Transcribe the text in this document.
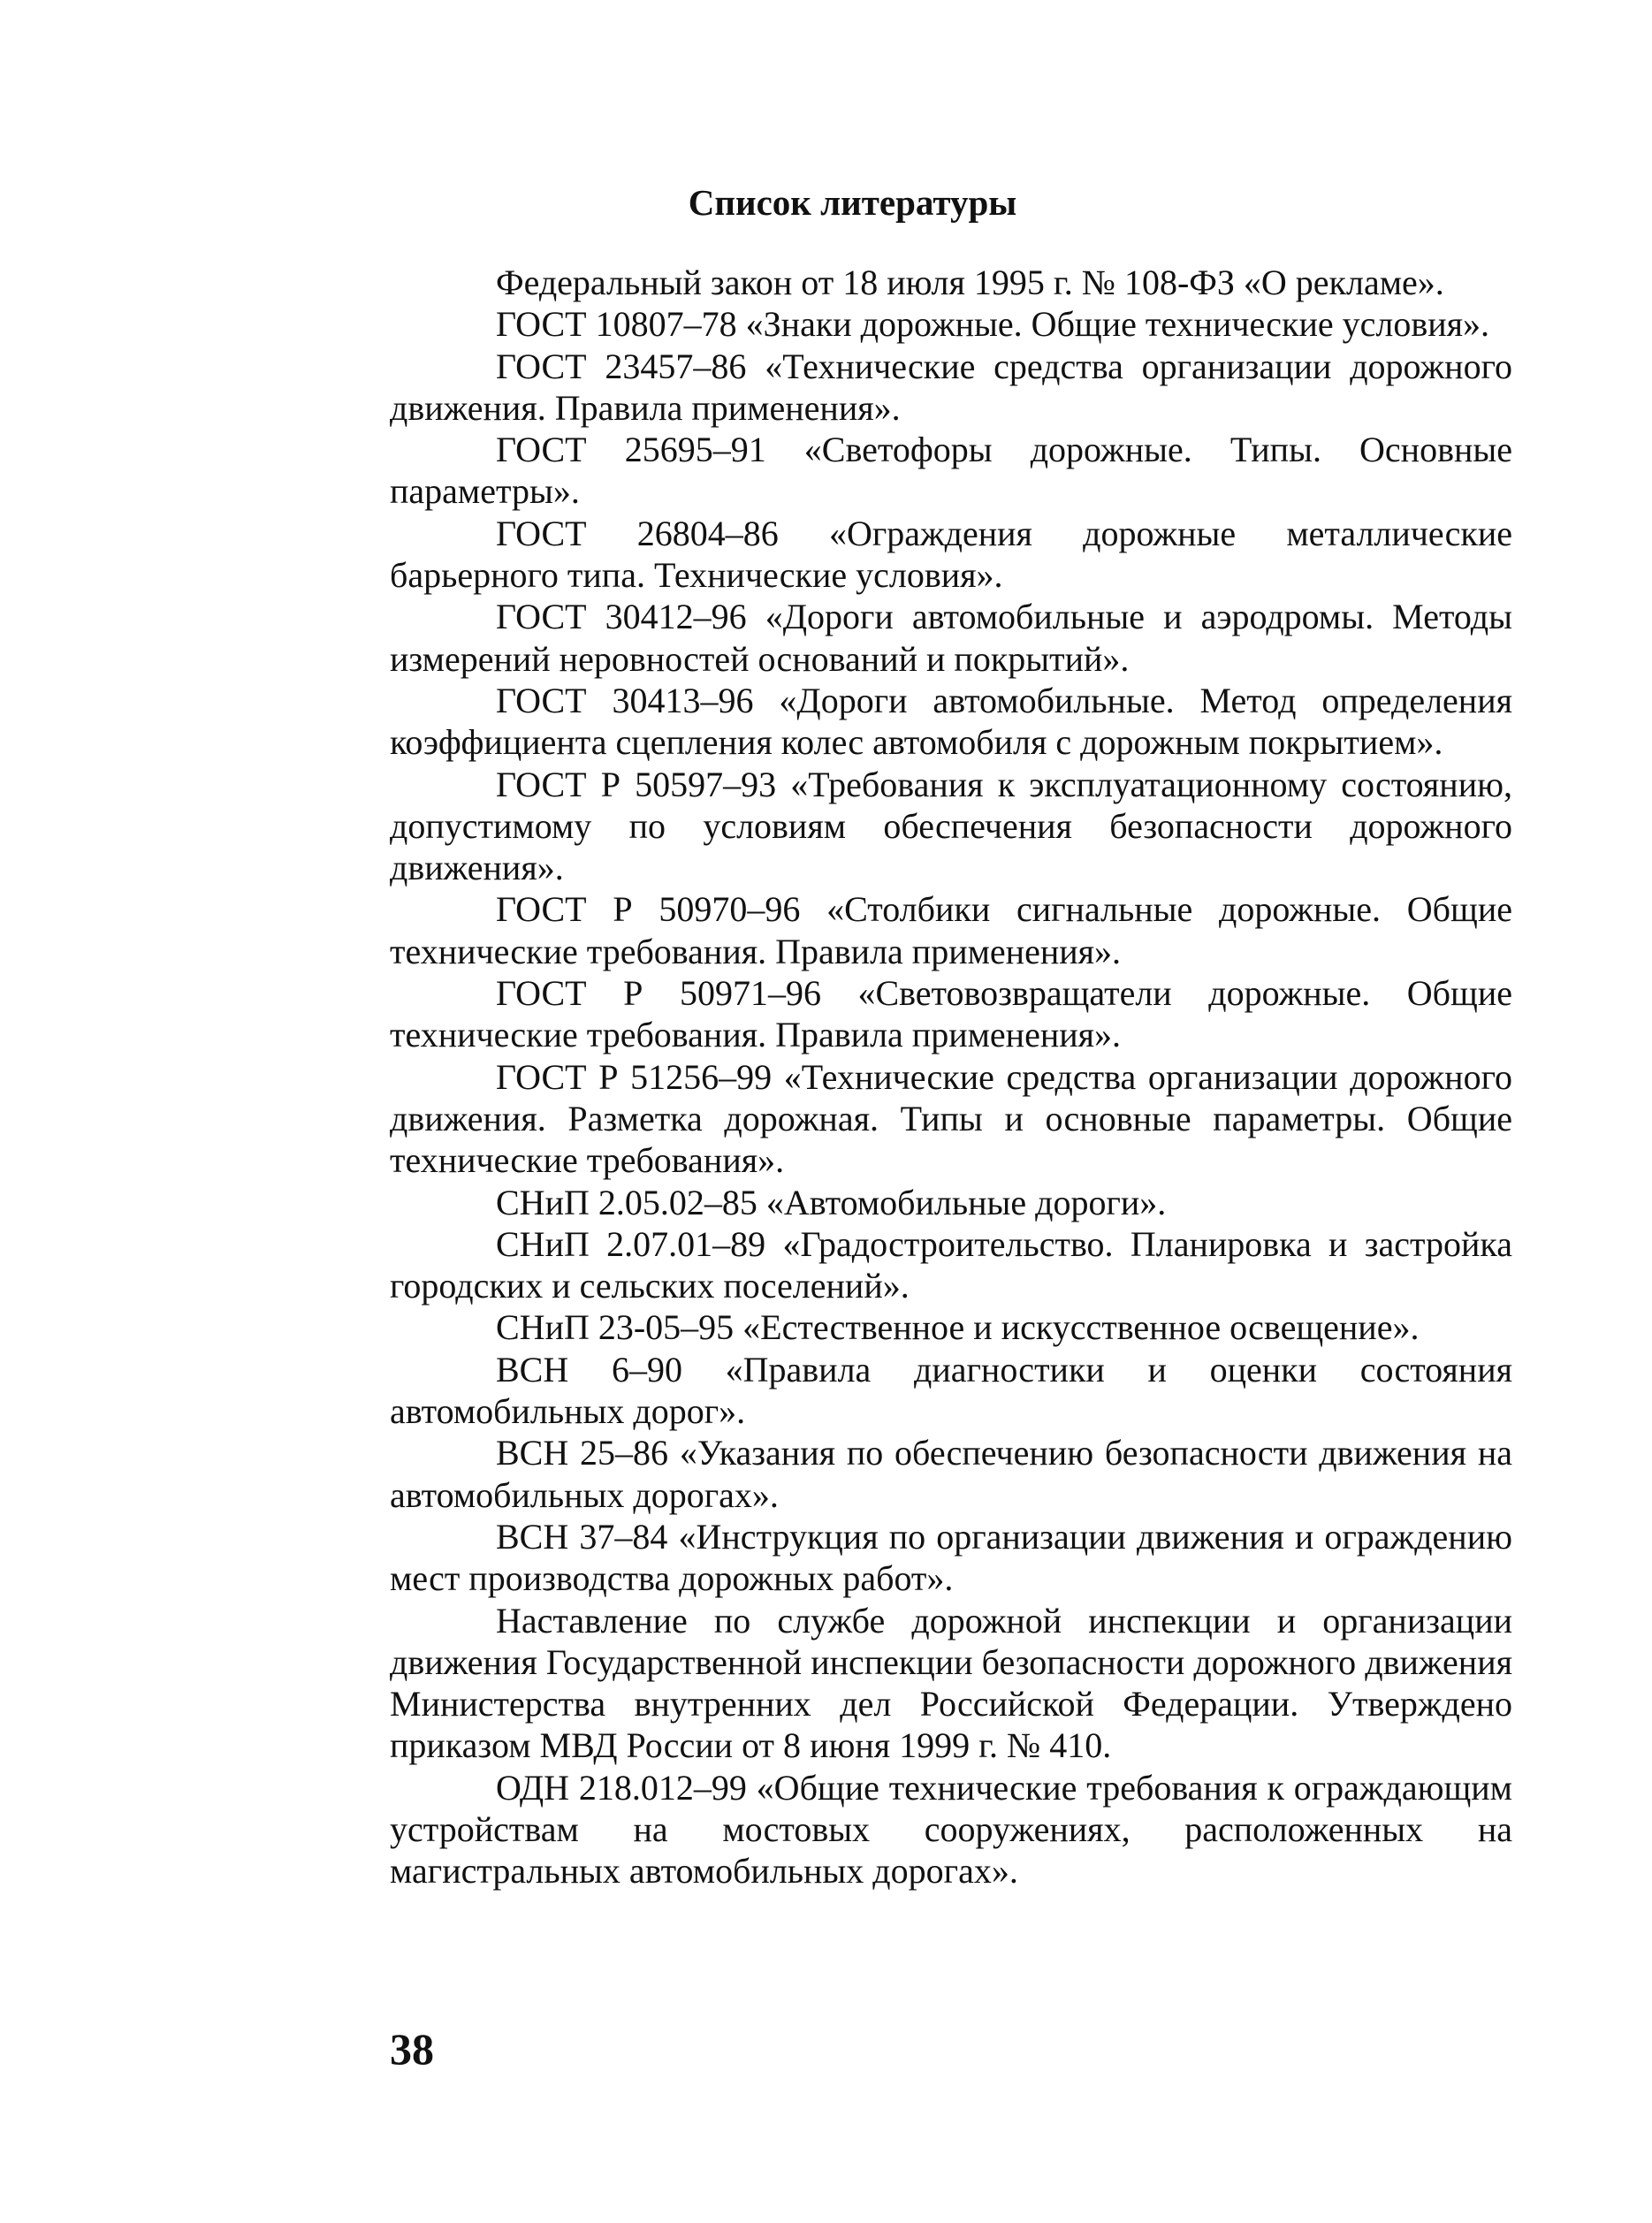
Список литературы

Федеральный закон от 18 июля 1995 г. № 108-ФЗ «О рекламе».

ГОСТ 10807–78 «Знаки дорожные. Общие технические условия».

ГОСТ 23457–86 «Технические средства организации дорожного движения. Правила применения».

ГОСТ 25695–91 «Светофоры дорожные. Типы. Основные параметры».

ГОСТ 26804–86 «Ограждения дорожные металлические барьерного типа. Технические условия».

ГОСТ 30412–96 «Дороги автомобильные и аэродромы. Методы измерений неровностей оснований и покрытий».

ГОСТ 30413–96 «Дороги автомобильные. Метод определения коэффициента сцепления колес автомобиля с дорожным покрытием».

ГОСТ Р 50597–93 «Требования к эксплуатационному состоянию, допустимому по условиям обеспечения безопасности дорожного движения».

ГОСТ Р 50970–96 «Столбики сигнальные дорожные. Общие технические требования. Правила применения».

ГОСТ Р 50971–96 «Световозвращатели дорожные. Общие технические требования. Правила применения».

ГОСТ Р 51256–99 «Технические средства организации дорожного движения. Разметка дорожная. Типы и основные параметры. Общие технические требования».

СНиП 2.05.02–85 «Автомобильные дороги».

СНиП 2.07.01–89 «Градостроительство. Планировка и застройка городских и сельских поселений».

СНиП 23-05–95 «Естественное и искусственное освещение».

ВСН 6–90 «Правила диагностики и оценки состояния автомобильных дорог».

ВСН 25–86 «Указания по обеспечению безопасности движения на автомобильных дорогах».

ВСН 37–84 «Инструкция по организации движения и ограждению мест производства дорожных работ».

Наставление по службе дорожной инспекции и организации движения Государственной инспекции безопасности дорожного движения Министерства внутренних дел Российской Федерации. Утверждено приказом МВД России от 8 июня 1999 г. № 410.

ОДН 218.012–99 «Общие технические требования к ограждающим устройствам на мостовых сооружениях, расположенных на магистральных автомобильных дорогах».

38
